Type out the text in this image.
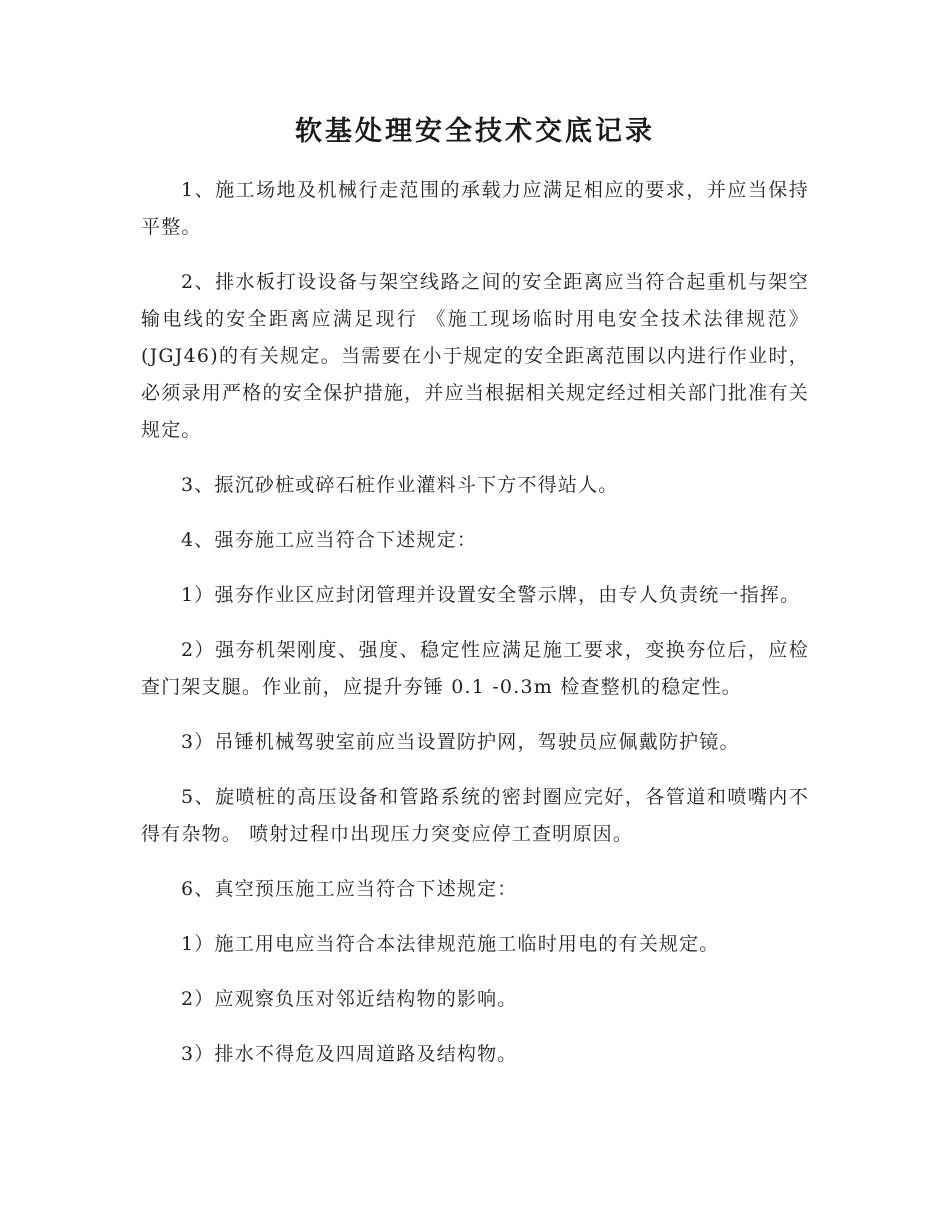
软基处理安全技术交底记录

1、施工场地及机械行走范围的承载力应满足相应的要求，并应当保持平整。

2、排水板打设设备与架空线路之间的安全距离应当符合起重机与架空输电线的安全距离应满足现行 《施工现场临时用电安全技术法律规范》 (JGJ46)的有关规定。当需要在小于规定的安全距离范围以内进行作业时，必须录用严格的安全保护措施，并应当根据相关规定经过相关部门批准有关规定。

3、振沉砂桩或碎石桩作业灌料斗下方不得站人。

4、强夯施工应当符合下述规定：

1）强夯作业区应封闭管理并设置安全警示牌，由专人负责统一指挥。

2）强夯机架刚度、强度、稳定性应满足施工要求，变换夯位后，应检查门架支腿。作业前，应提升夯锤 0.1 -0.3m 检查整机的稳定性。

3）吊锤机械驾驶室前应当设置防护网，驾驶员应佩戴防护镜。

5、旋喷桩的高压设备和管路系统的密封圈应完好，各管道和喷嘴内不得有杂物。 喷射过程巾出现压力突变应停工查明原因。

6、真空预压施工应当符合下述规定：

1）施工用电应当符合本法律规范施工临时用电的有关规定。

2）应观察负压对邻近结构物的影响。

3）排水不得危及四周道路及结构物。
